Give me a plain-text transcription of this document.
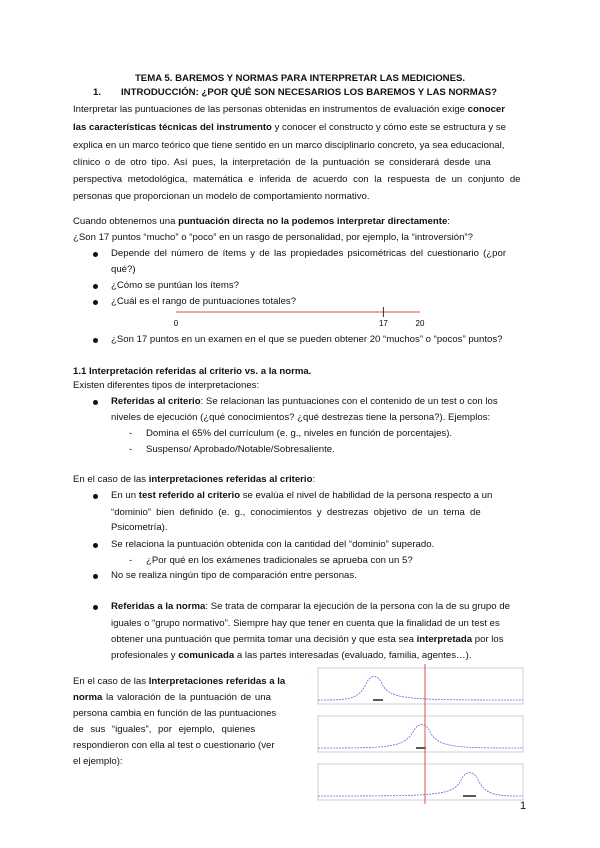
TEMA 5. BAREMOS Y NORMAS PARA INTERPRETAR LAS MEDICIONES.
1. INTRODUCCIÓN: ¿POR QUÉ SON NECESARIOS LOS BAREMOS Y LAS NORMAS?
Interpretar las puntuaciones de las personas obtenidas en instrumentos de evaluación exige conocer
las características técnicas del instrumento y conocer el constructo y cómo este se estructura y se
explica en un marco teórico que tiene sentido en un marco disciplinario concreto, ya sea educacional,
clínico o de otro tipo. Así pues, la interpretación de la puntuación se considerará desde una
perspectiva metodológica, matemática e inferida de acuerdo con la respuesta de un conjunto de
personas que proporcionan un modelo de comportamiento normativo.
Cuando obtenemos una puntuación directa no la podemos interpretar directamente:
¿Son 17 puntos “mucho” o “poco” en un rasgo de personalidad, por ejemplo, la “introversión”?
Depende del número de ítems y de las propiedades psicométricas del cuestionario (¿por
qué?)
¿Cómo se puntúan los ítems?
¿Cuál es el rango de puntuaciones totales?
0	17	20
¿Son 17 puntos en un examen en el que se pueden obtener 20 “muchos” o “pocos” puntos?
1.1 Interpretación referidas al criterio vs. a la norma.
Existen diferentes tipos de interpretaciones:
Referidas al criterio: Se relacionan las puntuaciones con el contenido de un test o con los
niveles de ejecución (¿qué conocimientos? ¿qué destrezas tiene la persona?). Ejemplos:
- Domina el 65% del currículum (e. g., niveles en función de porcentajes).
- Suspenso/ Aprobado/Notable/Sobresaliente.
En el caso de las interpretaciones referidas al criterio:
En un test referido al criterio se evalúa el nivel de habilidad de la persona respecto a un
“dominio” bien definido (e. g., conocimientos y destrezas objetivo de un tema de
Psicometría).
Se relaciona la puntuación obtenida con la cantidad del “dominio” superado.
- ¿Por qué en los exámenes tradicionales se aprueba con un 5?
No se realiza ningún tipo de comparación entre personas.
Referidas a la norma: Se trata de comparar la ejecución de la persona con la de su grupo de
iguales o “grupo normativo”. Siempre hay que tener en cuenta que la finalidad de un test es
obtener una puntuación que permita tomar una decisión y que esta sea interpretada por los
profesionales y comunicada a las partes interesadas (evaluado, familia, agentes…).
En el caso de las Interpretaciones referidas a la
norma la valoración de la puntuación de una
persona cambia en función de las puntuaciones
de sus “iguales”, por ejemplo, quienes
respondieron con ella al test o cuestionario (ver
el ejemplo):
·
1
